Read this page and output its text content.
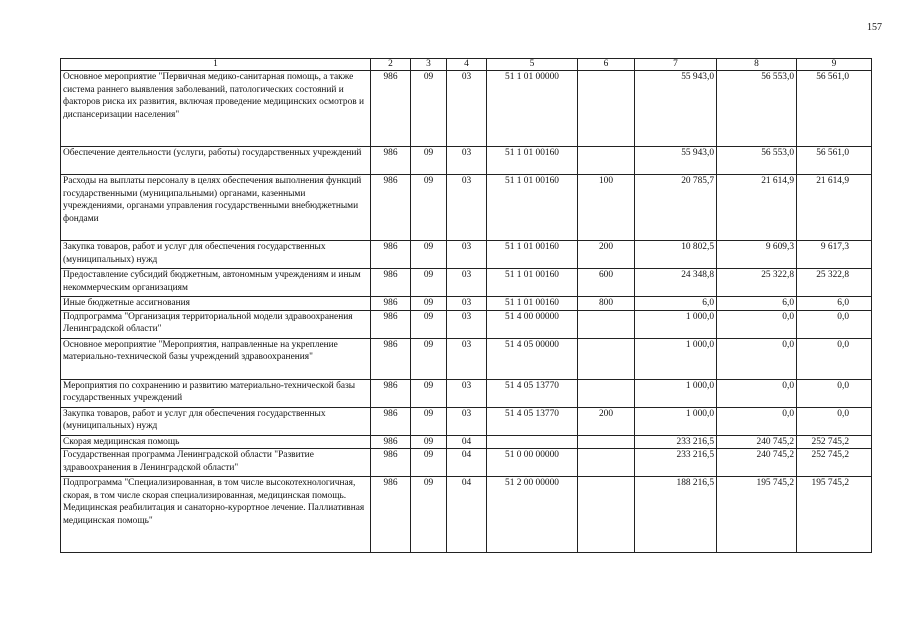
157
1	2	3	4	5	6	7	8	9
Основное мероприятие "Первичная медико-санитарная помощь, а также система раннего выявления заболеваний, патологических состояний и факторов риска их развития, включая проведение медицинских осмотров и диспансеризации населения"	986	09	03	51 1 01 00000		55 943,0	56 553,0	56 561,0
Обеспечение деятельности (услуги, работы) государственных учреждений	986	09	03	51 1 01 00160		55 943,0	56 553,0	56 561,0
Расходы на выплаты персоналу в целях обеспечения выполнения функций государственными (муниципальными) органами, казенными учреждениями, органами управления государственными внебюджетными фондами	986	09	03	51 1 01 00160	100	20 785,7	21 614,9	21 614,9
Закупка товаров, работ и услуг для обеспечения государственных (муниципальных) нужд	986	09	03	51 1 01 00160	200	10 802,5	9 609,3	9 617,3
Предоставление субсидий бюджетным, автономным учреждениям и иным некоммерческим организациям	986	09	03	51 1 01 00160	600	24 348,8	25 322,8	25 322,8
Иные бюджетные ассигнования	986	09	03	51 1 01 00160	800	6,0	6,0	6,0
Подпрограмма "Организация территориальной модели здравоохранения Ленинградской области"	986	09	03	51 4 00 00000		1 000,0	0,0	0,0
Основное мероприятие "Мероприятия, направленные на укрепление материально-технической базы учреждений здравоохранения"	986	09	03	51 4 05 00000		1 000,0	0,0	0,0
Мероприятия по сохранению и развитию материально-технической базы государственных учреждений	986	09	03	51 4 05 13770		1 000,0	0,0	0,0
Закупка товаров, работ и услуг для обеспечения государственных (муниципальных) нужд	986	09	03	51 4 05 13770	200	1 000,0	0,0	0,0
Скорая медицинская помощь	986	09	04			233 216,5	240 745,2	252 745,2
Государственная программа Ленинградской области "Развитие здравоохранения в Ленинградской области"	986	09	04	51 0 00 00000		233 216,5	240 745,2	252 745,2
Подпрограмма "Специализированная, в том числе высокотехнологичная, скорая, в том числе скорая специализированная, медицинская помощь. Медицинская реабилитация и санаторно-курортное лечение. Паллиативная медицинская помощь"	986	09	04	51 2 00 00000		188 216,5	195 745,2	195 745,2
